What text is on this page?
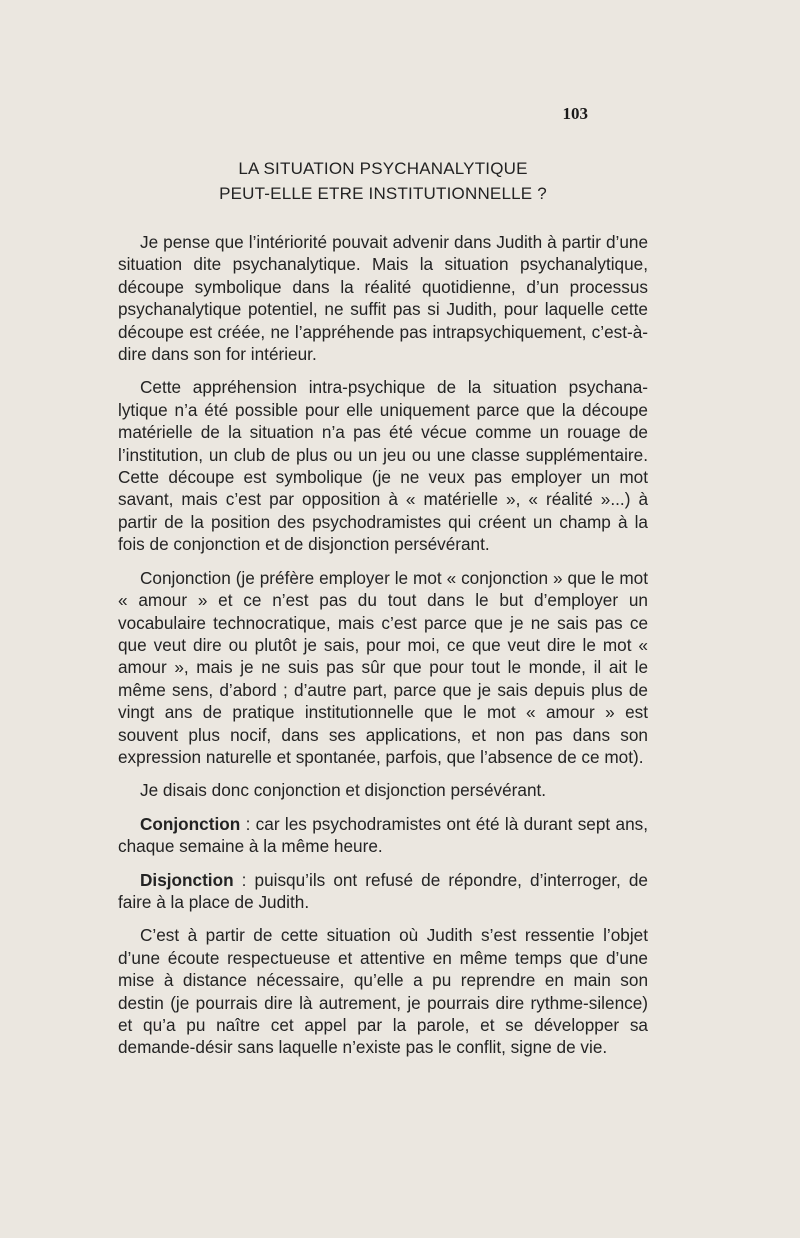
103
LA SITUATION PSYCHANALYTIQUE
PEUT-ELLE ETRE INSTITUTIONNELLE ?

Je pense que l’intériorité pouvait advenir dans Judith à partir d’une situation dite psychanalytique. Mais la situation psychanalytique, découpe symbolique dans la réalité quotidienne, d’un processus psychanalytique potentiel, ne suffit pas si Judith, pour laquelle cette découpe est créée, ne l’appréhende pas intrapsychiquement, c’est-à-dire dans son for intérieur.

Cette appréhension intra-psychique de la situation psychanalytique n’a été possible pour elle uniquement parce que la découpe matérielle de la situation n’a pas été vécue comme un rouage de l’institution, un club de plus ou un jeu ou une classe supplémentaire. Cette découpe est symbolique (je ne veux pas employer un mot savant, mais c’est par opposition à « matérielle », « réalité »...) à partir de la position des psychodramistes qui créent un champ à la fois de conjonction et de disjonction persévérant.

Conjonction (je préfère employer le mot « conjonction » que le mot « amour » et ce n’est pas du tout dans le but d’employer un vocabulaire technocratique, mais c’est parce que je ne sais pas ce que veut dire ou plutôt je sais, pour moi, ce que veut dire le mot « amour », mais je ne suis pas sûr que pour tout le monde, il ait le même sens, d’abord ; d’autre part, parce que je sais depuis plus de vingt ans de pratique institutionnelle que le mot « amour » est souvent plus nocif, dans ses applications, et non pas dans son expression naturelle et spontanée, parfois, que l’absence de ce mot).

Je disais donc conjonction et disjonction persévérant.

Conjonction : car les psychodramistes ont été là durant sept ans, chaque semaine à la même heure.

Disjonction : puisqu’ils ont refusé de répondre, d’interroger, de faire à la place de Judith.

C’est à partir de cette situation où Judith s’est ressentie l’objet d’une écoute respectueuse et attentive en même temps que d’une mise à distance nécessaire, qu’elle a pu reprendre en main son destin (je pourrais dire là autrement, je pourrais dire rythme-silence) et qu’a pu naître cet appel par la parole, et se développer sa demande-désir sans laquelle n’existe pas le conflit, signe de vie.
